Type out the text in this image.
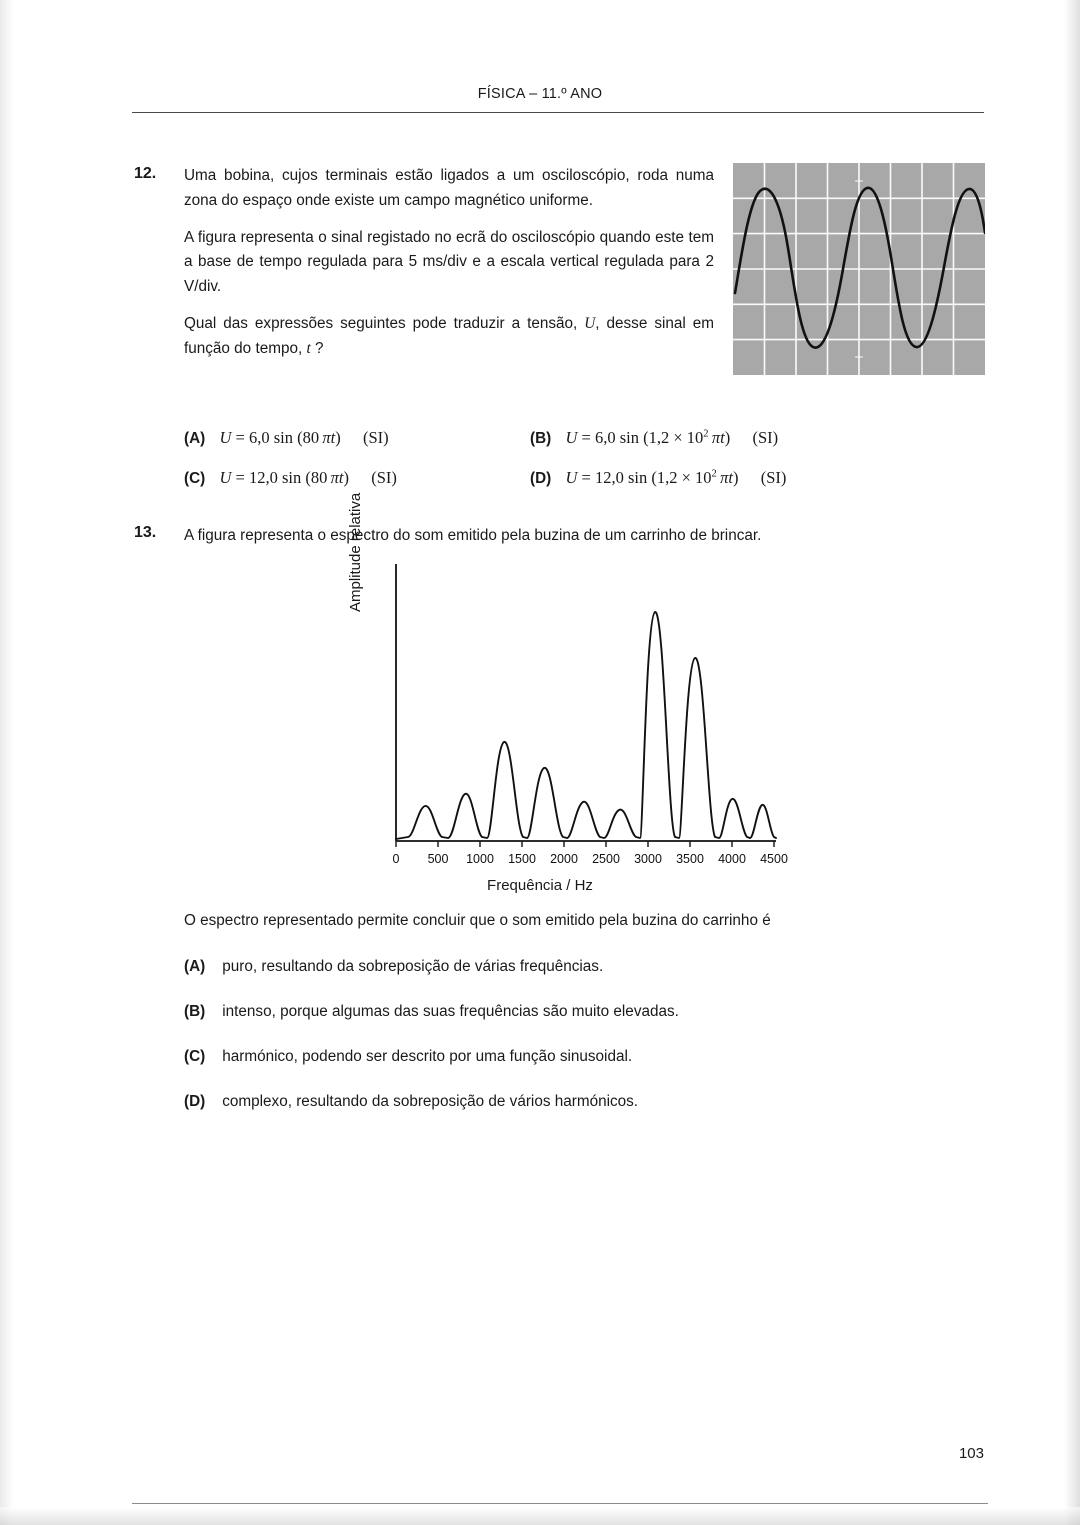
FÍSICA – 11.º ANO
12. Uma bobina, cujos terminais estão ligados a um osciloscópio, roda numa zona do espaço onde existe um campo magnético uniforme.

A figura representa o sinal registado no ecrã do osciloscópio quando este tem a base de tempo regulada para 5 ms/div e a escala vertical regulada para 2 V/div.

Qual das expressões seguintes pode traduzir a tensão, U, desse sinal em função do tempo, t ?

(A) U = 6,0 sin (80 πt) (SI)	(B) U = 6,0 $\sin (1,2 \times 10^2$  πt) (SI)
(C) U = 12,0 sin (80 πt) (SI)	(D) U = 12,0 $\sin (1,2 \times 10^2$  πt) (SI)
13. A figura representa o espectro do som emitido pela buzina de um carrinho de brincar.
Amplitude relativa
0 500 1000 1500 2000 2500 3000 3500 4000 4500
Frequência / Hz
O espectro representado permite concluir que o som emitido pela buzina do carrinho é
(A) puro, resultando da sobreposição de várias frequências.
(B) intenso, porque algumas das suas frequências são muito elevadas.
(C) harmónico, podendo ser descrito por uma função sinusoidal.
(D) complexo, resultando da sobreposição de vários harmónicos.
103
